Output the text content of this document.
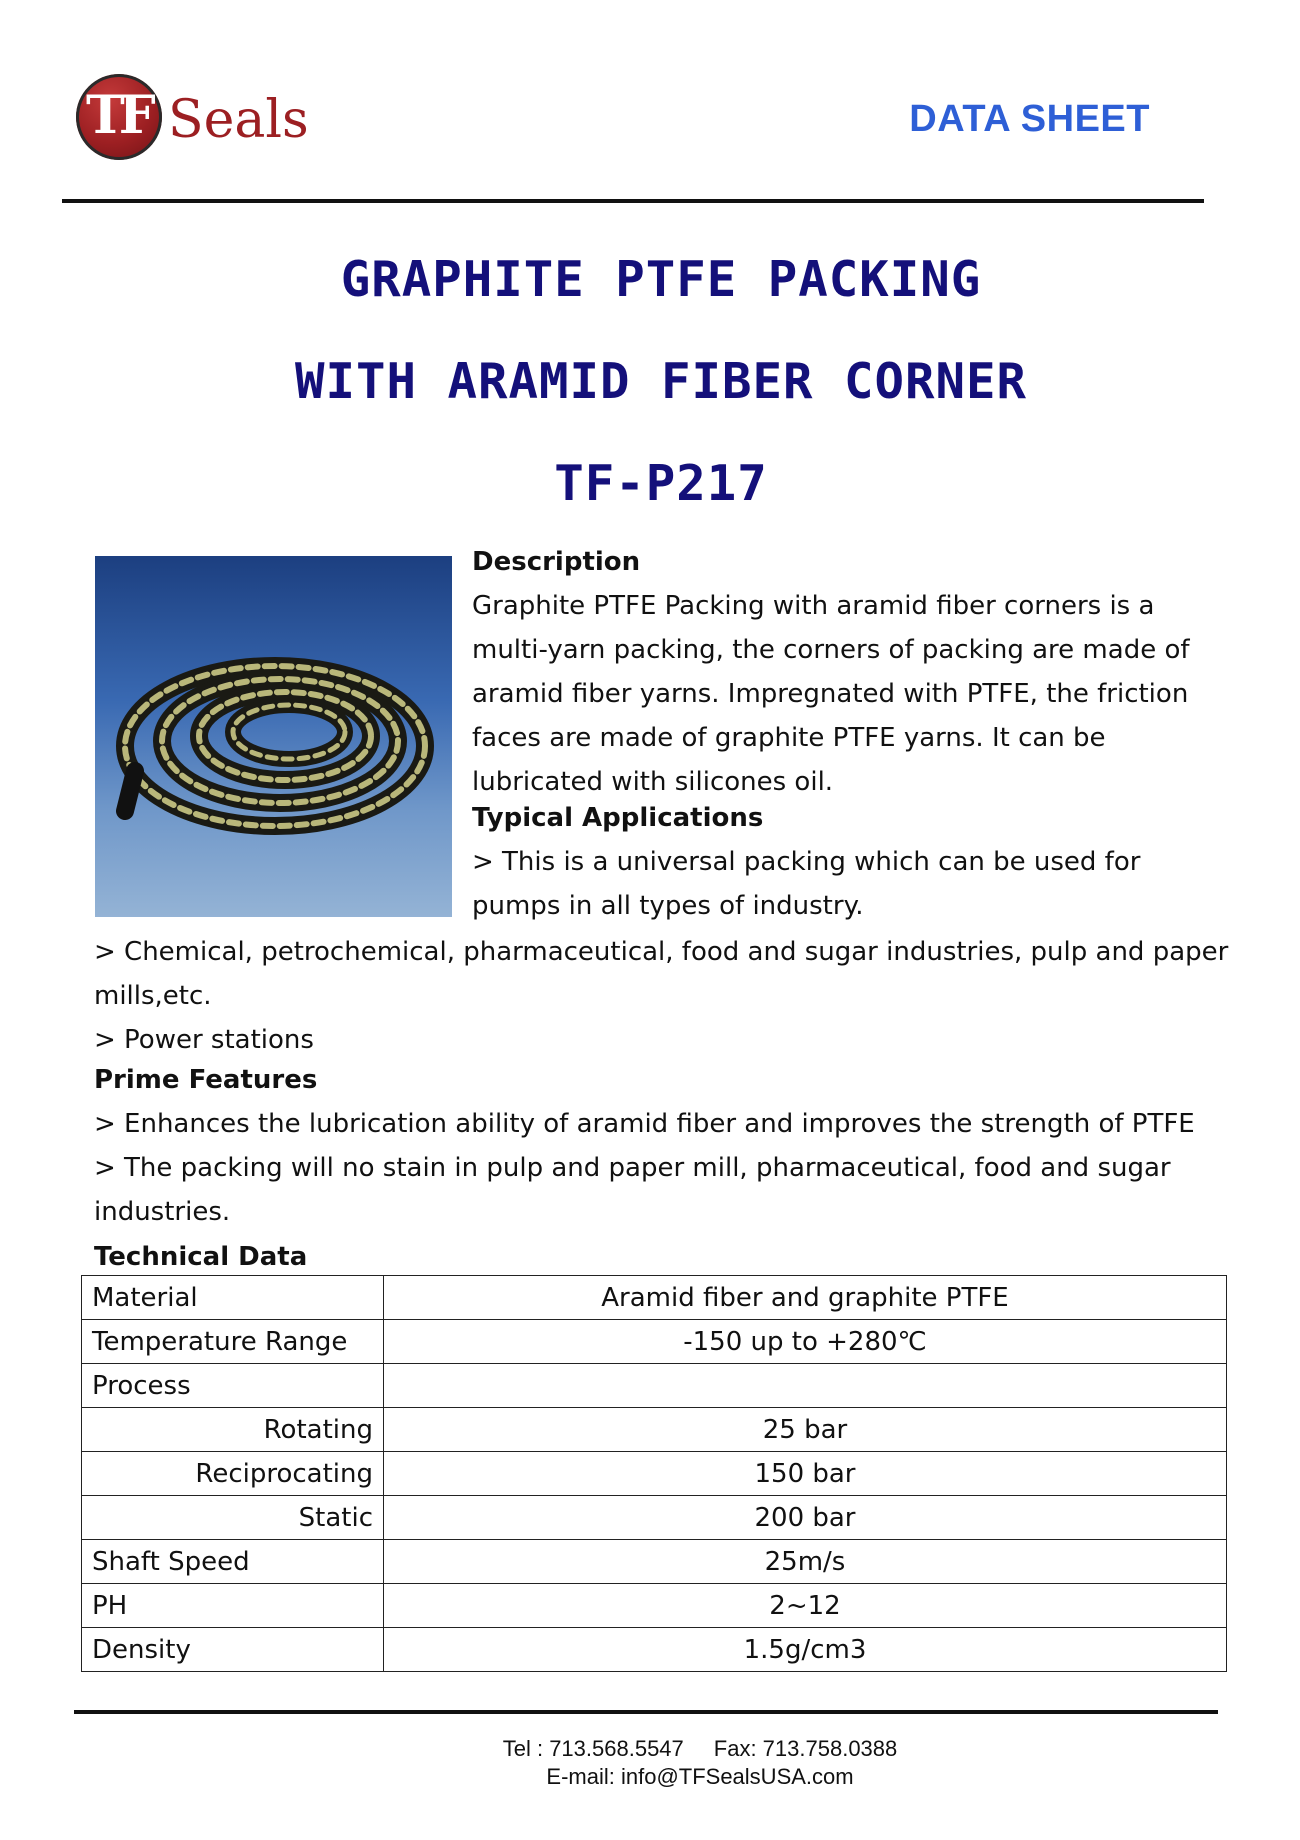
TF Seals	DATA SHEET
GRAPHITE PTFE PACKING
WITH ARAMID FIBER CORNER
TF-P217
Description
Graphite PTFE Packing with aramid fiber corners is a multi-yarn packing, the corners of packing are made of aramid fiber yarns. Impregnated with PTFE, the friction faces are made of graphite PTFE yarns. It can be lubricated with silicones oil.
Typical Applications
> This is a universal packing which can be used for pumps in all types of industry.
> Chemical, petrochemical, pharmaceutical, food and sugar industries, pulp and paper mills,etc.
> Power stations
Prime Features
> Enhances the lubrication ability of aramid fiber and improves the strength of PTFE
> The packing will no stain in pulp and paper mill, pharmaceutical, food and sugar industries.
Technical Data
Material	Aramid fiber and graphite PTFE
Temperature Range	-150 up to +280℃
Process	
Rotating	25 bar
Reciprocating	150 bar
Static	200 bar
Shaft Speed	25m/s
PH	2~12
Density	1.5g/cm3
Tel : 713.568.5547 Fax: 713.758.0388
E-mail: info@TFSealsUSA.com
